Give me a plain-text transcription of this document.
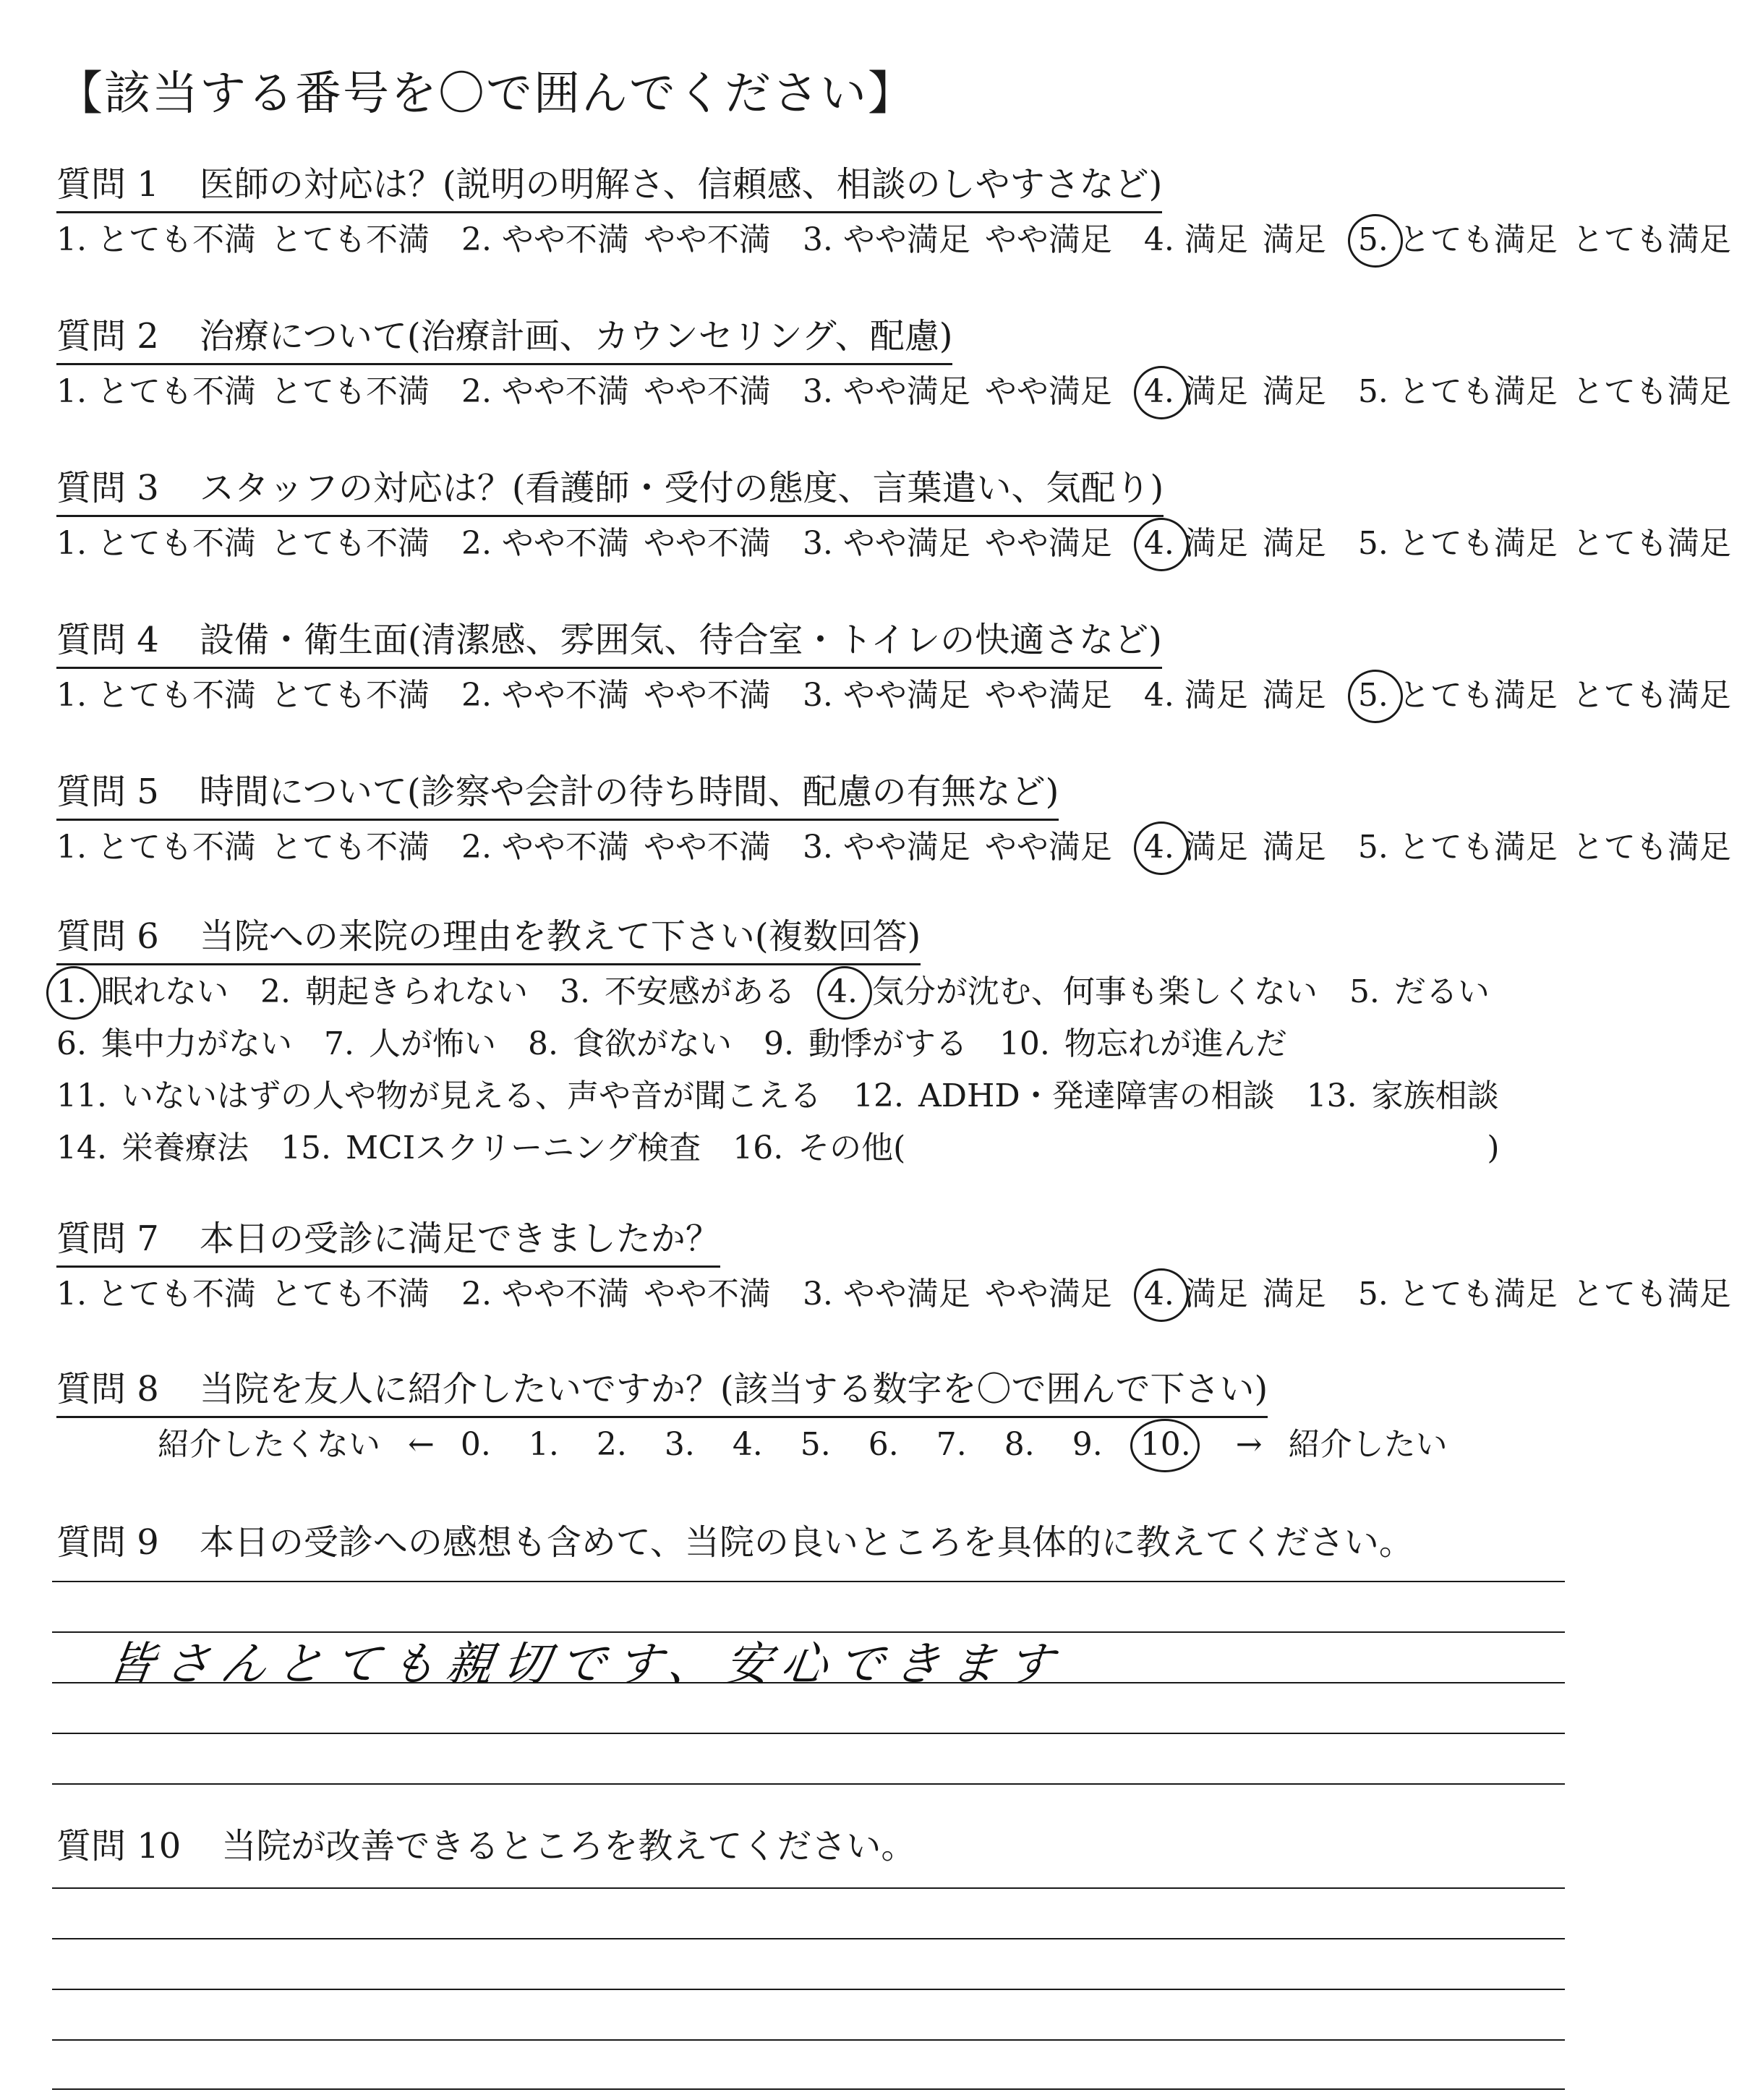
【該当する番号を〇で囲んでください】
質問 1 医師の対応は？(説明の明解さ、信頼感、相談のしやすさなど)
1. とても不満 とても不満 2. やや不満 やや不満 3. やや満足 やや満足 4. 満足 満足 5. とても満足 とても満足
質問 2 治療について(治療計画、カウンセリング、配慮)
1. とても不満 とても不満 2. やや不満 やや不満 3. やや満足 やや満足 4. 満足 満足 5. とても満足 とても満足
質問 3 スタッフの対応は？(看護師・受付の態度、言葉遣い、気配り)
1. とても不満 とても不満 2. やや不満 やや不満 3. やや満足 やや満足 4. 満足 満足 5. とても満足 とても満足
質問 4 設備・衛生面(清潔感、雰囲気、待合室・トイレの快適さなど)
1. とても不満 とても不満 2. やや不満 やや不満 3. やや満足 やや満足 4. 満足 満足 5. とても満足 とても満足
質問 5 時間について(診察や会計の待ち時間、配慮の有無など)
1. とても不満 とても不満 2. やや不満 やや不満 3. やや満足 やや満足 4. 満足 満足 5. とても満足 とても満足
質問 6 当院への来院の理由を教えて下さい(複数回答)
1. 眠れない 2. 朝起きられない 3. 不安感がある 4. 気分が沈む、何事も楽しくない 5. だるい
6. 集中力がない 7. 人が怖い 8. 食欲がない 9. 動悸がする 10. 物忘れが進んだ
11. いないはずの人や物が見える、声や音が聞こえる 12. ADHD・発達障害の相談 13. 家族相談
14. 栄養療法 15. MCIスクリーニング検査 16. その他(	)
質問 7 本日の受診に満足できましたか？
1. とても不満 とても不満 2. やや不満 やや不満 3. やや満足 やや満足 4. 満足 満足 5. とても満足 とても満足
質問 8 当院を友人に紹介したいですか？(該当する数字を〇で囲んで下さい)
紹介したくない ← 0. 1. 2. 3. 4. 5. 6. 7. 8. 9. 10. → 紹介したい
質問 9 本日の受診への感想も含めて、当院の良いところを具体的に教えてください。
皆さんとても親切です、安心できます
質問 10 当院が改善できるところを教えてください。
